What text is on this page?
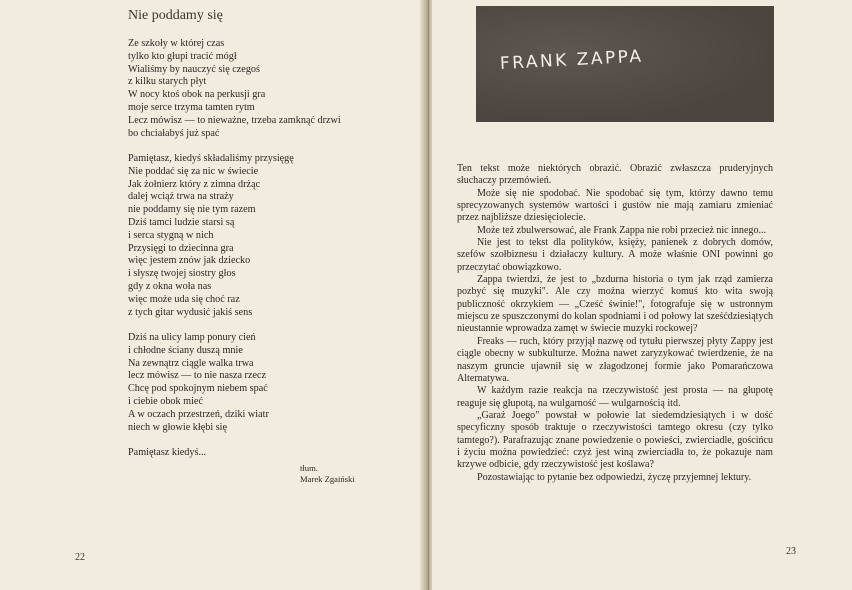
Nie poddamy się
Ze szkoły w której czas
tylko kto głupi tracić mógł
Wialiśmy by nauczyć się czegoś
z kilku starych płyt
W nocy ktoś obok na perkusji gra
moje serce trzyma tamten rytm
Lecz mówisz — to nieważne, trzeba zamknąć drzwi
bo chciałabyś już spać
Pamiętasz, kiedyś składaliśmy przysięgę
Nie poddać się za nic w świecie
Jak żołnierz który z zimna drżąc
dalej wciąż trwa na straży
nie poddamy się nie tym razem
Dziś tamci ludzie starsi są
i serca stygną w nich
Przysięgi to dziecinna gra
więc jestem znów jak dziecko
i słyszę twojej siostry głos
gdy z okna woła nas
więc może uda się choć raz
z tych gitar wydusić jakiś sens
Dziś na ulicy lamp ponury cień
i chłodne ściany duszą mnie
Na zewnątrz ciągle walka trwa
lecz mówisz — to nie nasza rzecz
Chcę pod spokojnym niebem spać
i ciebie obok mieć
A w oczach przestrzeń, dziki wiatr
niech w głowie kłębi się
Pamiętasz kiedyś...
tłum.
Marek Zgaiński
FRANK ZAPPA

Ten tekst może niektórych obrazić. Obrazić zwłaszcza pruderyjnych słuchaczy przemówień.

Może się nie spodobać. Nie spodobać się tym, którzy dawno temu sprecyzowanych systemów wartości i gustów nie mają zamiaru zmieniać przez najbliższe dziesięciolecie.

Może też zbulwersować, ale Frank Zappa nie robi przecież nic innego...

Nie jest to tekst dla polityków, księży, panienek z dobrych domów, szefów szołbiznesu i działaczy kultury. A może właśnie ONI powinni go przeczytać obowiązkowo.

Zappa twierdzi, że jest to „bzdurna historia o tym jak rząd zamierza pozbyć się muzyki". Ale czy można wierzyć komuś kto wita swoją publiczność okrzykiem — „Cześć świnie!", fotografuje się w ustronnym miejscu ze spuszczonymi do kolan spodniami i od połowy lat sześćdziesiątych nieustannie wprowadza zamęt w świecie muzyki rockowej?

Freaks — ruch, który przyjął nazwę od tytułu pierwszej płyty Zappy jest ciągle obecny w subkulturze. Można nawet zaryzykować twierdzenie, że na naszym gruncie ujawnił się w złagodzonej formie jako Pomarańczowa Alternatywa.

W każdym razie reakcja na rzeczywistość jest prosta — na głupotę reaguje się głupotą, na wulgarność — wulgarnością itd.

„Garaż Joego" powstał w połowie lat siedemdziesiątych i w dość specyficzny sposób traktuje o rzeczywistości tamtego okresu (czy tylko tamtego?). Parafrazując znane powiedzenie o powieści, zwierciadle, gościńcu i życiu można powiedzieć: czyż jest winą zwierciadła to, że pokazuje nam krzywe odbicie, gdy rzeczywistość jest koślawa?

Pozostawiając to pytanie bez odpowiedzi, życzę przyjemnej lektury.

22
23
